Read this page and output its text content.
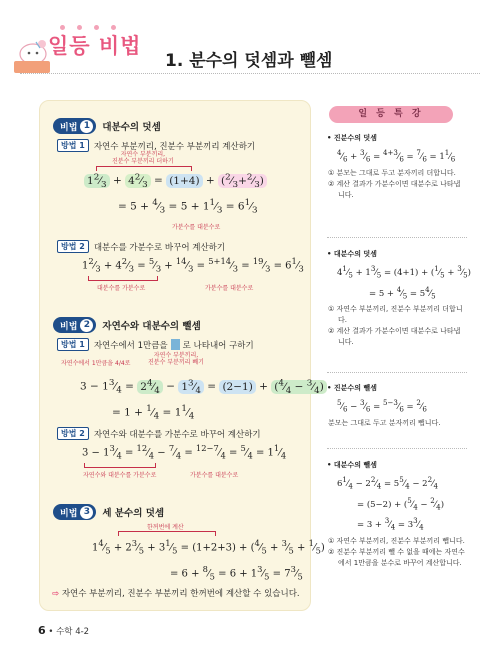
일등 비법
1. 분수의 덧셈과 뺄셈
비법 1	대분수의 덧셈
방법 1	자연수 부분끼리, 진분수 부분끼리 계산하기
자연수 부분끼리,
진분수 부분끼리 더하기
$1^2⁄_3$ + $4^2⁄_3 = (1+4)$ + $(^2⁄_3+^2⁄_3)$
= $5 + ^4⁄_3 = 5$ + $1^1⁄_3$ = $6^1⁄_3$
가분수를 대분수로
방법 2	대분수를 가분수로 바꾸어 계산하기
$1^2⁄_3$ + $4^2⁄_3$ = $^5⁄_3$ + $^{14}⁄_3$ = $^{5+14}⁄_3$ = $^{19}⁄_3$ = $6^1⁄_3$
대분수를 가분수로	가분수를 대분수로
비법 2	자연수와 대분수의 뺄셈
방법 1	자연수에서 1만큼을 로 나타내어 구하기
자연수에서 1만큼을 4/4로
자연수 부분끼리,
진분수 부분끼리 빼기
$3 - 1^3⁄_4$ = $2^4⁄_4$ − $1^3⁄_4 = (2-1)$ + ($^4⁄_4$ − $^3⁄_4$)
= $1 + ^1⁄_4$ = $1^1⁄_4$
방법 2	자연수와 대분수를 가분수로 바꾸어 계산하기
$3 - 1^3⁄_4$ = $^{12}⁄_4$ − $^7⁄_4$ = $^{12-7}⁄_4$ = $^5⁄_4$ = $1^1⁄_4$
자연수와 대분수를 가분수로	가분수를 대분수로
비법 3	세 분수의 덧셈
한꺼번에 계산
$1^4⁄_5$ + $2^3⁄_5$ + $3^1⁄_5 = (1+2+3)$ + ($^4⁄_5$ + $^3⁄_5$ + $^1⁄_5$)
= $6 + ^8⁄_5 = 6$ + $1^3⁄_5$ = $7^3⁄_5$
⇨ 자연수 부분끼리, 진분수 부분끼리 한꺼번에 계산할 수 있습니다.
일 등 특 강
• 진분수의 덧셈
$^4⁄_6$ + $^3⁄_6$ = $^{4+3}⁄_6$ = $^7⁄_6$ = $1^1⁄_6$
① 분모는 그대로 두고 분자끼리 더합니다.
② 계산 결과가 가분수이면 대분수로 나타냅니다.
• 대분수의 덧셈
$4^1⁄_5$ + $1^3⁄_5 = (4+1)$ + ($^1⁄_5$ + $^3⁄_5$)
= $5 + ^4⁄_5$ = $5^4⁄_5$
① 자연수 부분끼리, 진분수 부분끼리 더합니다.
② 계산 결과가 가분수이면 대분수로 나타냅니다.
• 진분수의 뺄셈
$^5⁄_6$ − $^3⁄_6$ = $^{5-3}⁄_6$ = $^2⁄_6$
분모는 그대로 두고 분자끼리 뺍니다.
• 대분수의 뺄셈
$6^1⁄_4$ − $2^2⁄_4$ = $5^5⁄_4$ − $2^2⁄_4$
= $(5-2) + (^5⁄_4$ − $^2⁄_4$)
= $3 + ^3⁄_4$ = $3^3⁄_4$
① 자연수 부분끼리, 진분수 부분끼리 뺍니다.
② 진분수 부분끼리 뺄 수 없을 때에는 자연수에서 1만큼을 분수로 바꾸어 계산합니다.
6 • 수학 4-2
